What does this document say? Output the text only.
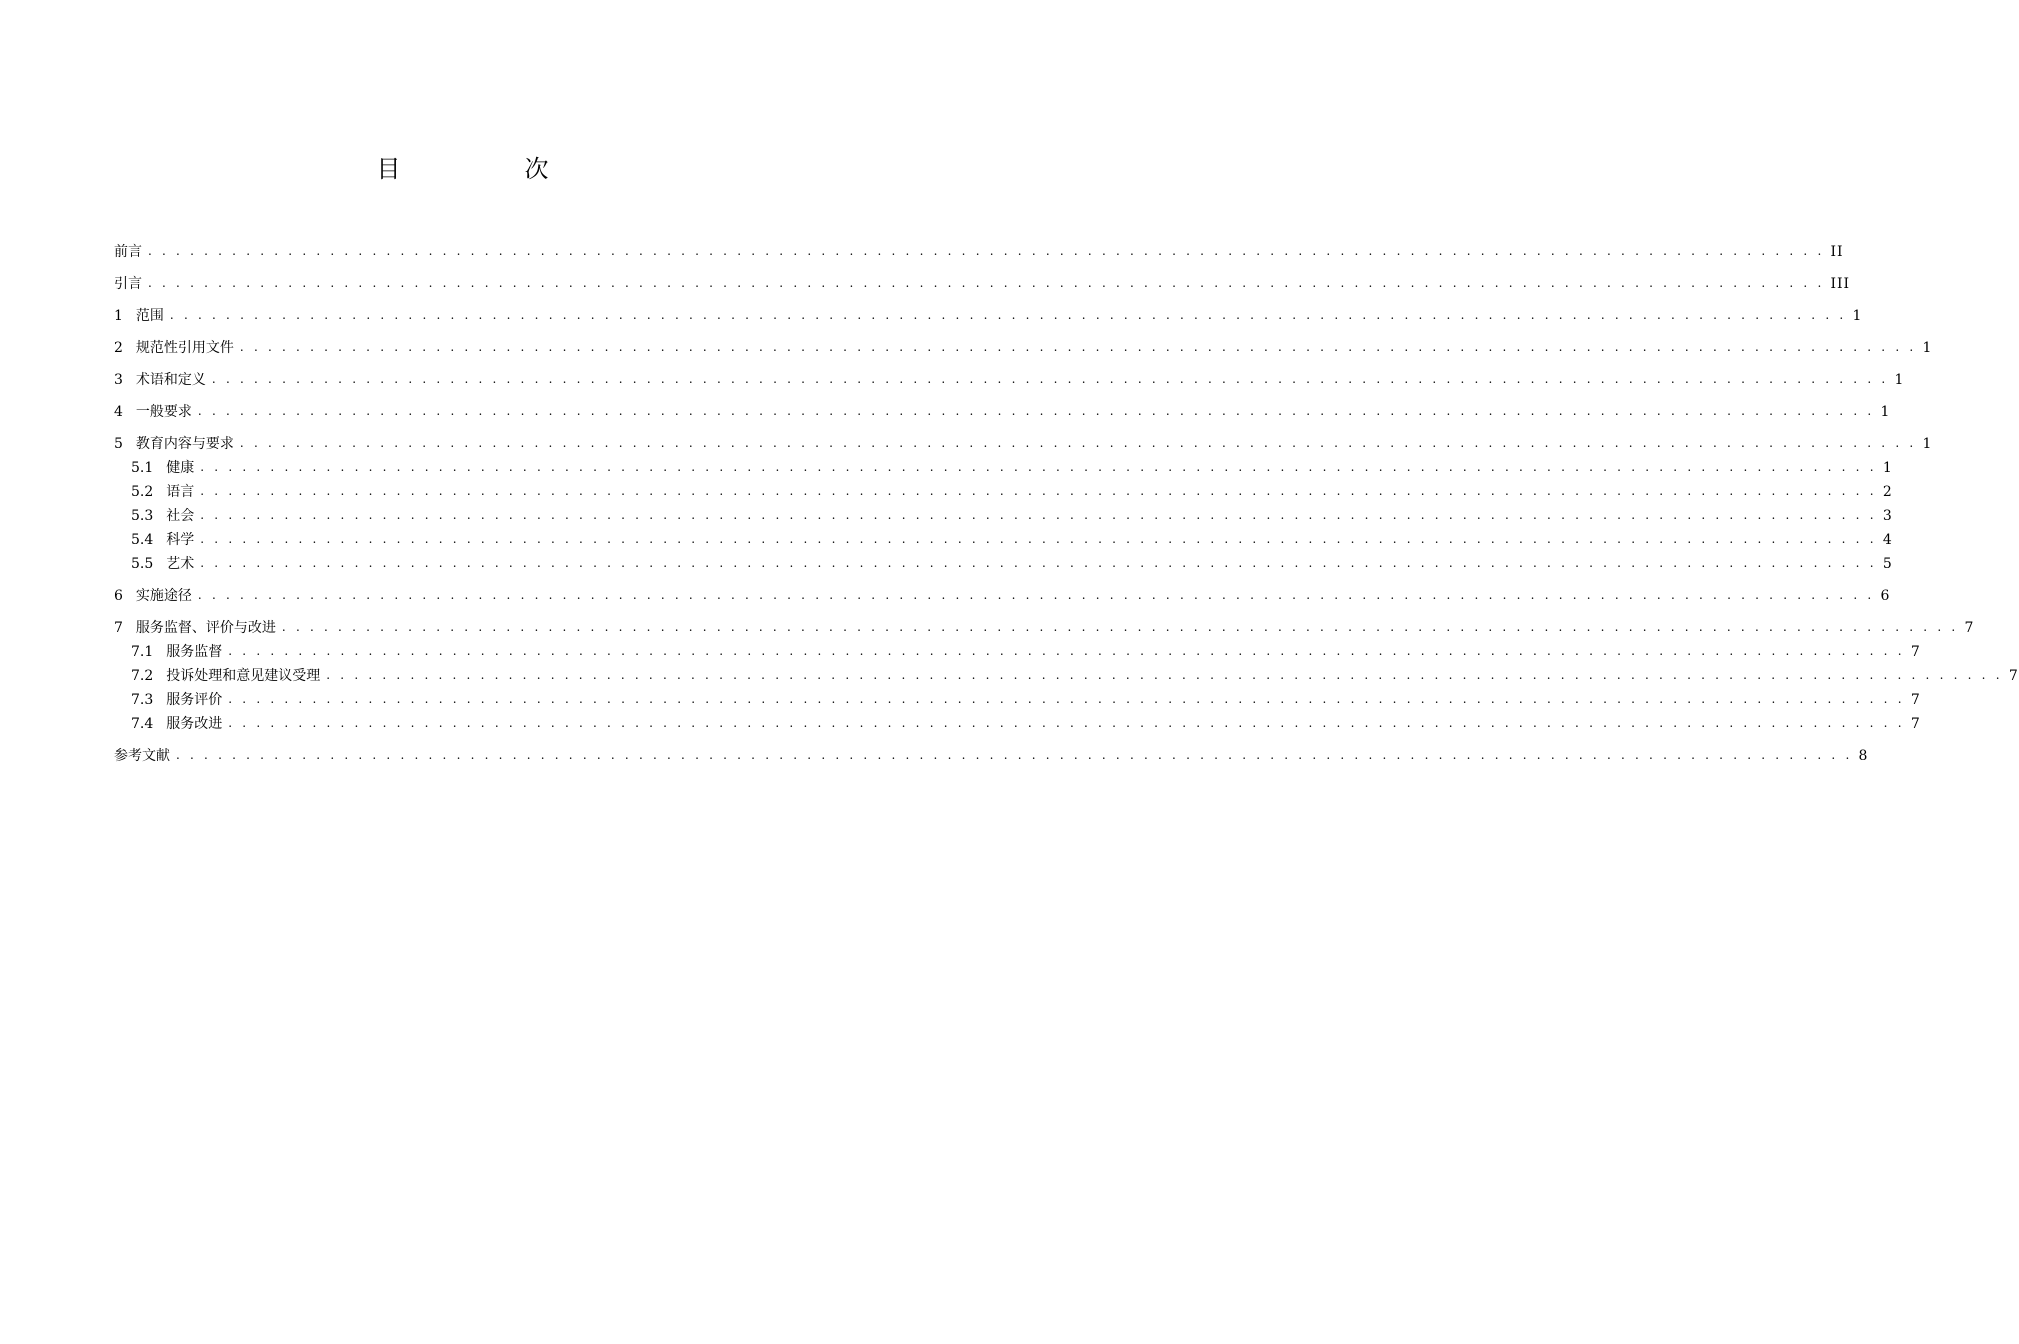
目　次
前言 . . . . . . . . . . . . . . . . . . . . . . . . . . . . . . . . . . . . . . . . . . . . . . . . . . . . . . . . . . . . . . . . . . . . . . . . . . . . . . . . . . . . . . . . . . . . . . . . . . . . . . . . . . . . . . . . . . . . . . . . II
引言 . . . . . . . . . . . . . . . . . . . . . . . . . . . . . . . . . . . . . . . . . . . . . . . . . . . . . . . . . . . . . . . . . . . . . . . . . . . . . . . . . . . . . . . . . . . . . . . . . . . . . . . . . . . . . . . . . . . . . . . . III
1 范围 . . . . . . . . . . . . . . . . . . . . . . . . . . . . . . . . . . . . . . . . . . . . . . . . . . . . . . . . . . . . . . . . . . . . . . . . . . . . . . . . . . . . . . . . . . . . . . . . . . . . . . . . . . . . . . . . . . . . . . . . 1
2 规范性引用文件 . . . . . . . . . . . . . . . . . . . . . . . . . . . . . . . . . . . . . . . . . . . . . . . . . . . . . . . . . . . . . . . . . . . . . . . . . . . . . . . . . . . . . . . . . . . . . . . . . . . . . . . . . . . . . . . . . . . . . . . . 1
3 术语和定义 . . . . . . . . . . . . . . . . . . . . . . . . . . . . . . . . . . . . . . . . . . . . . . . . . . . . . . . . . . . . . . . . . . . . . . . . . . . . . . . . . . . . . . . . . . . . . . . . . . . . . . . . . . . . . . . . . . . . . . . . 1
4 一般要求 . . . . . . . . . . . . . . . . . . . . . . . . . . . . . . . . . . . . . . . . . . . . . . . . . . . . . . . . . . . . . . . . . . . . . . . . . . . . . . . . . . . . . . . . . . . . . . . . . . . . . . . . . . . . . . . . . . . . . . . . 1
5 教育内容与要求 . . . . . . . . . . . . . . . . . . . . . . . . . . . . . . . . . . . . . . . . . . . . . . . . . . . . . . . . . . . . . . . . . . . . . . . . . . . . . . . . . . . . . . . . . . . . . . . . . . . . . . . . . . . . . . . . . . . . . . . . 1
5.1 健康 . . . . . . . . . . . . . . . . . . . . . . . . . . . . . . . . . . . . . . . . . . . . . . . . . . . . . . . . . . . . . . . . . . . . . . . . . . . . . . . . . . . . . . . . . . . . . . . . . . . . . . . . . . . . . . . . . . . . . . . . 1
5.2 语言 . . . . . . . . . . . . . . . . . . . . . . . . . . . . . . . . . . . . . . . . . . . . . . . . . . . . . . . . . . . . . . . . . . . . . . . . . . . . . . . . . . . . . . . . . . . . . . . . . . . . . . . . . . . . . . . . . . . . . . . . 2
5.3 社会 . . . . . . . . . . . . . . . . . . . . . . . . . . . . . . . . . . . . . . . . . . . . . . . . . . . . . . . . . . . . . . . . . . . . . . . . . . . . . . . . . . . . . . . . . . . . . . . . . . . . . . . . . . . . . . . . . . . . . . . . 3
5.4 科学 . . . . . . . . . . . . . . . . . . . . . . . . . . . . . . . . . . . . . . . . . . . . . . . . . . . . . . . . . . . . . . . . . . . . . . . . . . . . . . . . . . . . . . . . . . . . . . . . . . . . . . . . . . . . . . . . . . . . . . . . 4
5.5 艺术 . . . . . . . . . . . . . . . . . . . . . . . . . . . . . . . . . . . . . . . . . . . . . . . . . . . . . . . . . . . . . . . . . . . . . . . . . . . . . . . . . . . . . . . . . . . . . . . . . . . . . . . . . . . . . . . . . . . . . . . . 5
6 实施途径 . . . . . . . . . . . . . . . . . . . . . . . . . . . . . . . . . . . . . . . . . . . . . . . . . . . . . . . . . . . . . . . . . . . . . . . . . . . . . . . . . . . . . . . . . . . . . . . . . . . . . . . . . . . . . . . . . . . . . . . . 6
7 服务监督、评价与改进 . . . . . . . . . . . . . . . . . . . . . . . . . . . . . . . . . . . . . . . . . . . . . . . . . . . . . . . . . . . . . . . . . . . . . . . . . . . . . . . . . . . . . . . . . . . . . . . . . . . . . . . . . . . . . . . . . . . . . . . . 7
7.1 服务监督 . . . . . . . . . . . . . . . . . . . . . . . . . . . . . . . . . . . . . . . . . . . . . . . . . . . . . . . . . . . . . . . . . . . . . . . . . . . . . . . . . . . . . . . . . . . . . . . . . . . . . . . . . . . . . . . . . . . . . . . . 7
7.2 投诉处理和意见建议受理 . . . . . . . . . . . . . . . . . . . . . . . . . . . . . . . . . . . . . . . . . . . . . . . . . . . . . . . . . . . . . . . . . . . . . . . . . . . . . . . . . . . . . . . . . . . . . . . . . . . . . . . . . . . . . . . . . . . . . . . . 7
7.3 服务评价 . . . . . . . . . . . . . . . . . . . . . . . . . . . . . . . . . . . . . . . . . . . . . . . . . . . . . . . . . . . . . . . . . . . . . . . . . . . . . . . . . . . . . . . . . . . . . . . . . . . . . . . . . . . . . . . . . . . . . . . . 7
7.4 服务改进 . . . . . . . . . . . . . . . . . . . . . . . . . . . . . . . . . . . . . . . . . . . . . . . . . . . . . . . . . . . . . . . . . . . . . . . . . . . . . . . . . . . . . . . . . . . . . . . . . . . . . . . . . . . . . . . . . . . . . . . . 7
参考文献 . . . . . . . . . . . . . . . . . . . . . . . . . . . . . . . . . . . . . . . . . . . . . . . . . . . . . . . . . . . . . . . . . . . . . . . . . . . . . . . . . . . . . . . . . . . . . . . . . . . . . . . . . . . . . . . . . . . . . . . . 8
